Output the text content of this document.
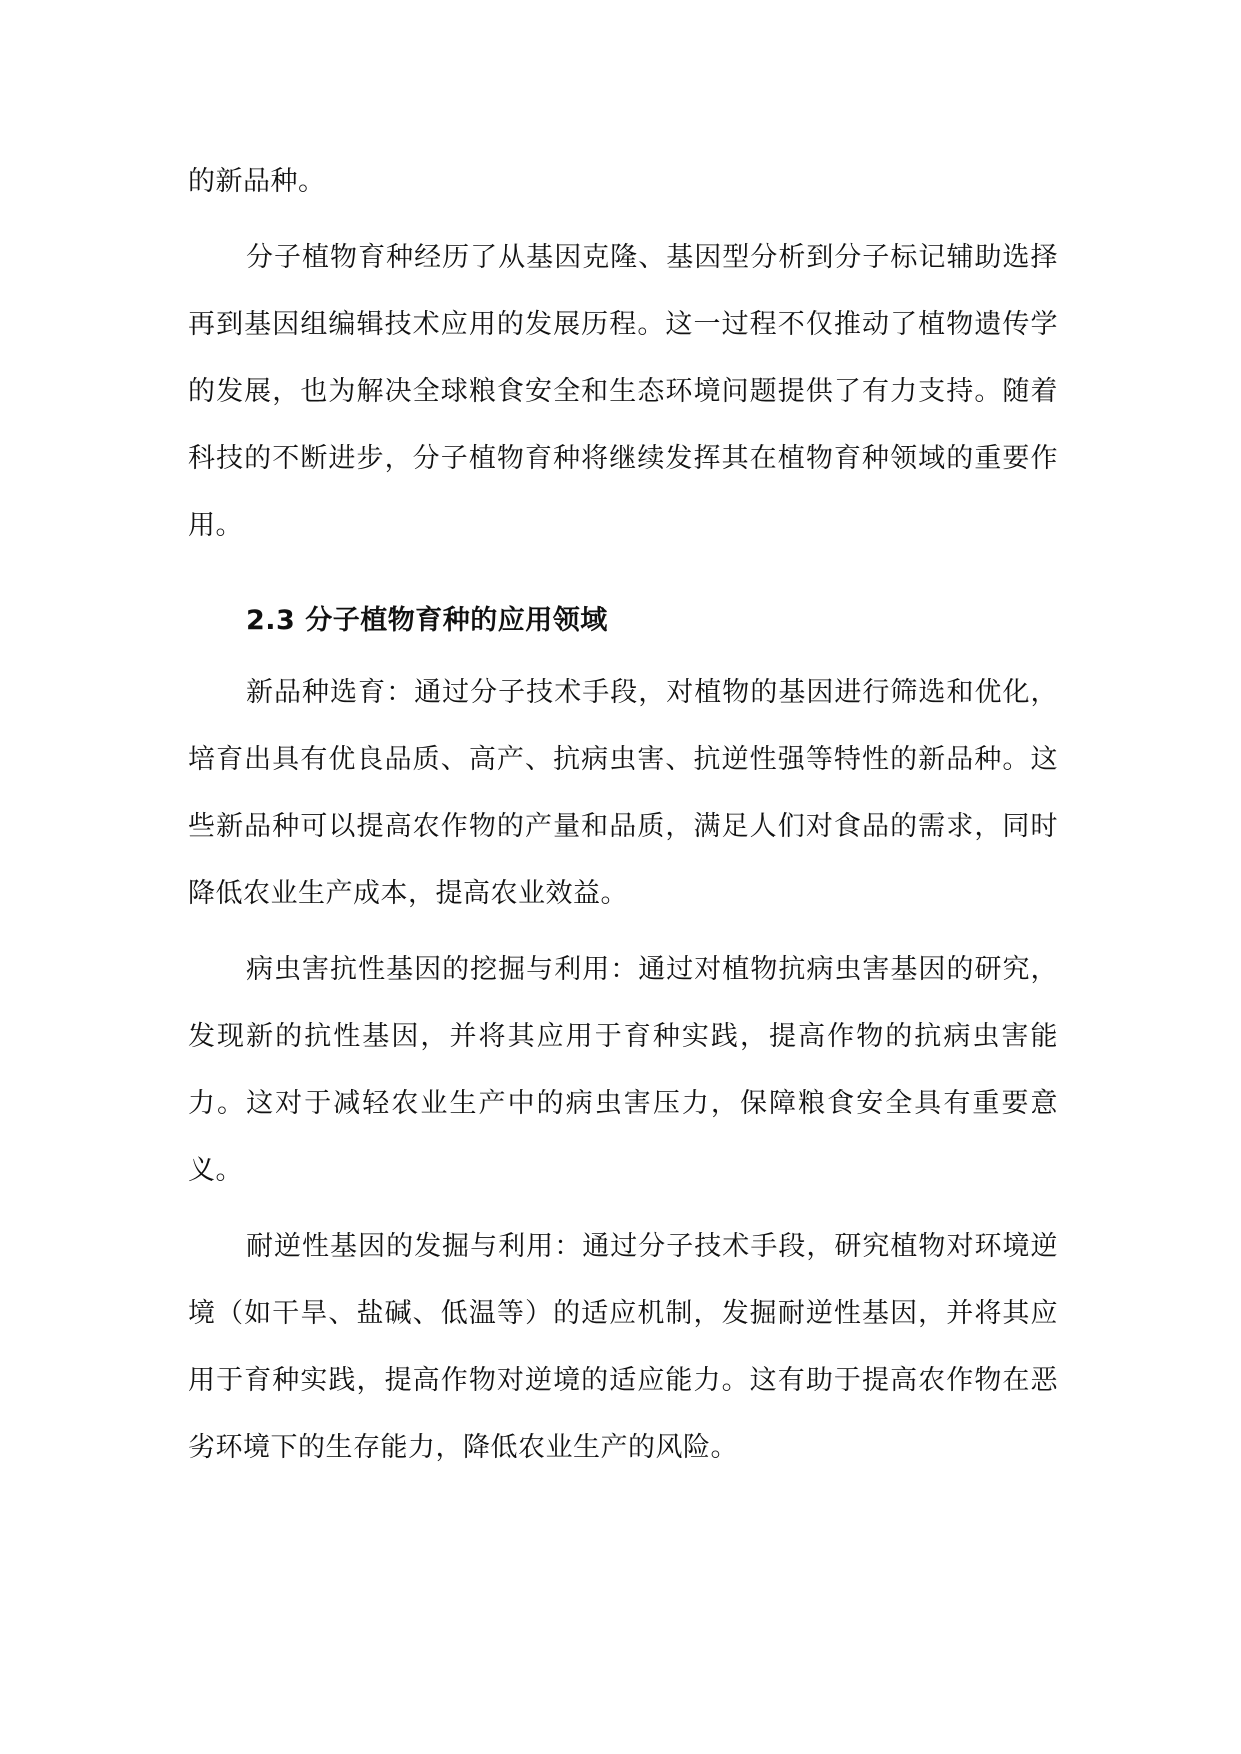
的新品种。

分子植物育种经历了从基因克隆、基因型分析到分子标记辅助选择再到基因组编辑技术应用的发展历程。这一过程不仅推动了植物遗传学的发展，也为解决全球粮食安全和生态环境问题提供了有力支持。随着科技的不断进步，分子植物育种将继续发挥其在植物育种领域的重要作用。

2.3 分子植物育种的应用领域

新品种选育：通过分子技术手段，对植物的基因进行筛选和优化，培育出具有优良品质、高产、抗病虫害、抗逆性强等特性的新品种。这些新品种可以提高农作物的产量和品质，满足人们对食品的需求，同时降低农业生产成本，提高农业效益。

病虫害抗性基因的挖掘与利用：通过对植物抗病虫害基因的研究，发现新的抗性基因，并将其应用于育种实践，提高作物的抗病虫害能力。这对于减轻农业生产中的病虫害压力，保障粮食安全具有重要意义。

耐逆性基因的发掘与利用：通过分子技术手段，研究植物对环境逆境（如干旱、盐碱、低温等）的适应机制，发掘耐逆性基因，并将其应用于育种实践，提高作物对逆境的适应能力。这有助于提高农作物在恶劣环境下的生存能力，降低农业生产的风险。
